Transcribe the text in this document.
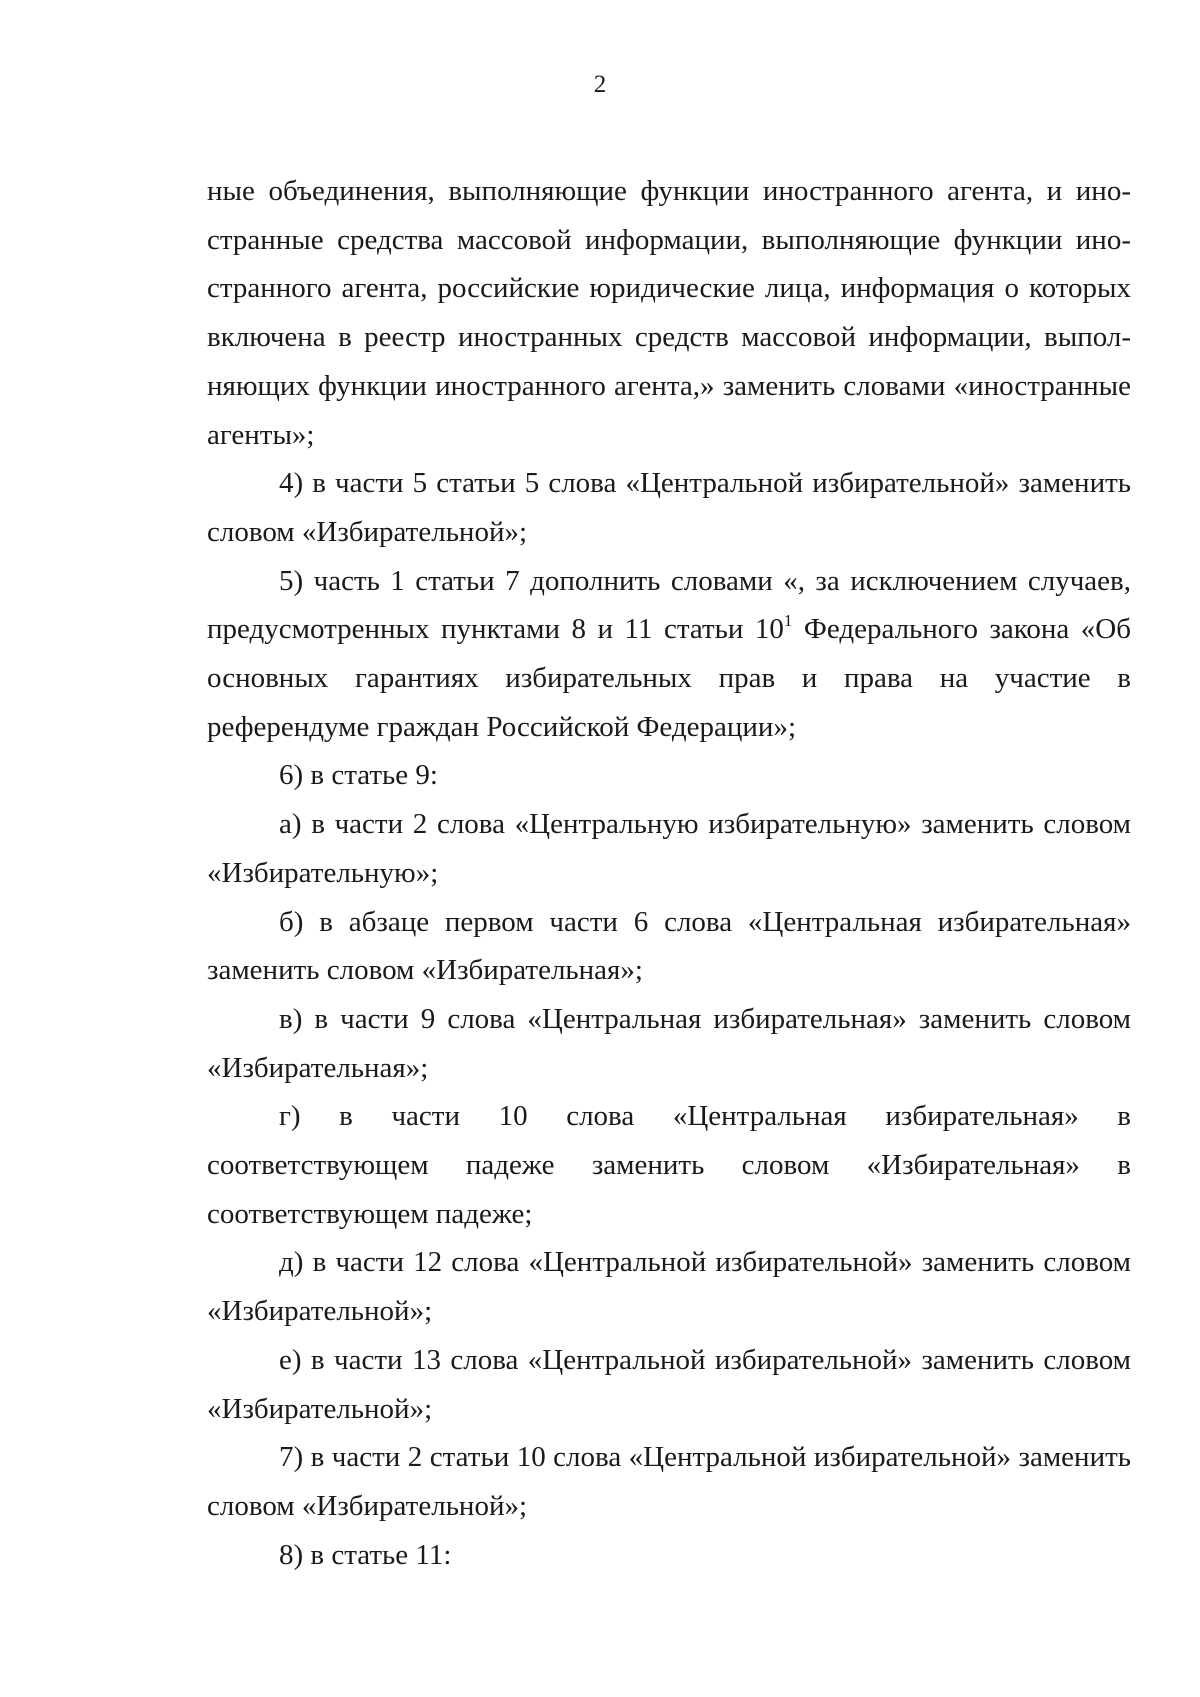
2

ные объединения, выполняющие функции иностранного агента, и иностранные средства массовой информации, выполняющие функции иностранного агента, российские юридические лица, информация о которых включена в реестр иностранных средств массовой информации, выполняющих функции иностранного агента,» заменить словами «иностранные агенты»;

4) в части 5 статьи 5 слова «Центральной избирательной» заменить словом «Избирательной»;

5) часть 1 статьи 7 дополнить словами «, за исключением случаев, предусмотренных пунктами 8 и 11 статьи $10^1$ Федерального закона «Об основных гарантиях избирательных прав и права на участие в референдуме граждан Российской Федерации»;

6) в статье 9:

а) в части 2 слова «Центральную избирательную» заменить словом «Избирательную»;

б) в абзаце первом части 6 слова «Центральная избирательная» заменить словом «Избирательная»;

в) в части 9 слова «Центральная избирательная» заменить словом «Избирательная»;

г) в части 10 слова «Центральная избирательная» в соответствующем падеже заменить словом «Избирательная» в соответствующем падеже;

д) в части 12 слова «Центральной избирательной» заменить словом «Избирательной»;

е) в части 13 слова «Центральной избирательной» заменить словом «Избирательной»;

7) в части 2 статьи 10 слова «Центральной избирательной» заменить словом «Избирательной»;

8) в статье 11:
